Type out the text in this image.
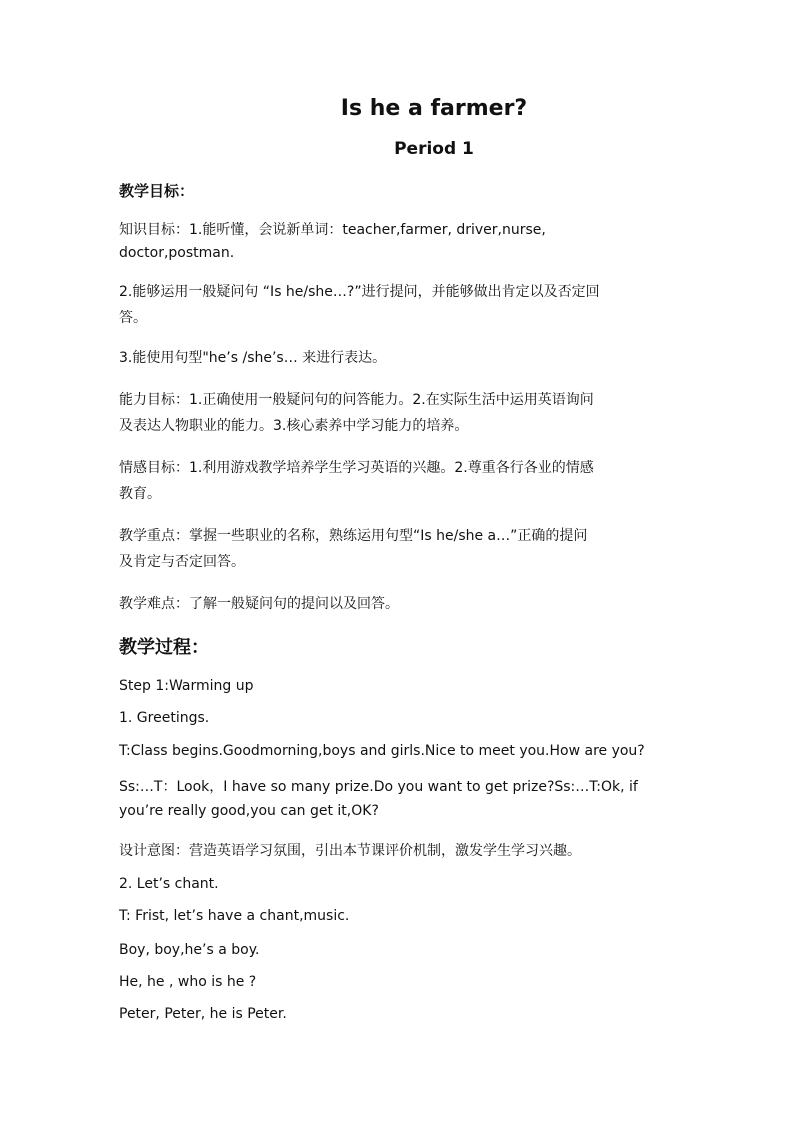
Is he a farmer?
Period 1
教学目标：
知识目标：1.能听懂，会说新单词：teacher,farmer, driver,nurse,
doctor,postman.
2.能够运用一般疑问句 “Is he/she…?”进行提问，并能够做出肯定以及否定回
答。
3.能使用句型"he’s /she’s… 来进行表达。
能力目标：1.正确使用一般疑问句的问答能力。2.在实际生活中运用英语询问
及表达人物职业的能力。3.核心素养中学习能力的培养。
情感目标：1.利用游戏教学培养学生学习英语的兴趣。2.尊重各行各业的情感
教育。
教学重点：掌握一些职业的名称，熟练运用句型“Is he/she a…”正确的提问
及肯定与否定回答。
教学难点：了解一般疑问句的提问以及回答。
教学过程：
Step 1:Warming up
1. Greetings.
T:Class begins.Goodmorning,boys and girls.Nice to meet you.How are you?
Ss:…T：Look，I have so many prize.Do you want to get prize?Ss:…T:Ok, if
you’re really good,you can get it,OK?
设计意图：营造英语学习氛围，引出本节课评价机制，激发学生学习兴趣。
2. Let’s chant.
T: Frist, let’s have a chant,music.
Boy, boy,he’s a boy.
He, he , who is he ?
Peter, Peter, he is Peter.
